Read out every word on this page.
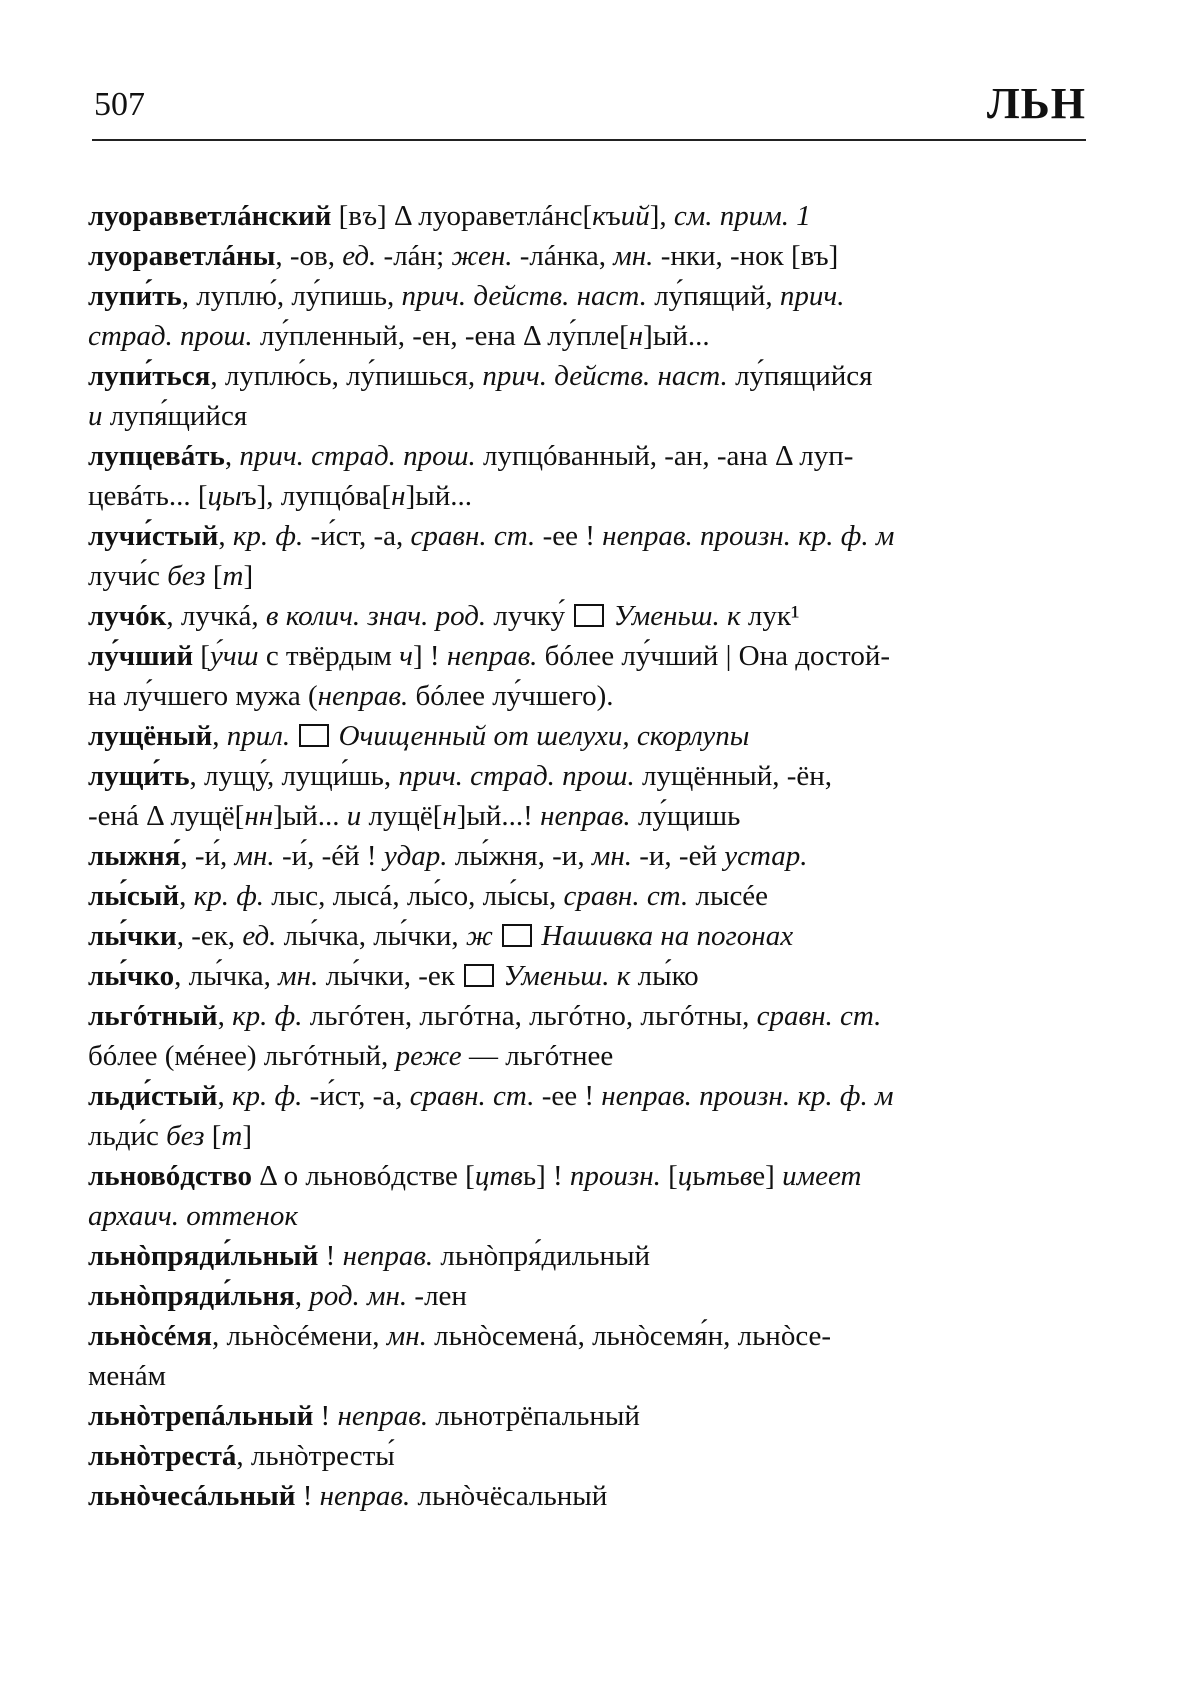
507	ЛЬН
луоравветлáнский [въ] Δ луораветлáнс[къий], см. прим. 1
луораветлáны, -ов, ед. -лáн; жен. -лáнка, мн. -нки, -нок [въ]
лупи́ть, луплю́, лу́пишь, прич. действ. наст. лу́пящий, прич.
страд. прош. лу́пленный, -ен, -ена Δ лу́пле[н]ый...
лупи́ться, луплю́сь, лу́пишься, прич. действ. наст. лу́пящийся
и лупя́щийся
лупцевáть, прич. страд. прош. лупцóванный, -ан, -ана Δ луп-
цевáть... [цыъ], лупцóва[н]ый...
лучи́стый, кр. ф. -и́ст, -а, сравн. ст. -ее ! неправ. произн. кр. ф. м
лучи́с без [т]
лучóк, лучкá, в колич. знач. род. лучку́  Уменьш. к лук¹
лу́чший [у́чш с твёрдым ч] ! неправ. бóлее лу́чший | Она достой-
на лу́чшего мужа (неправ. бóлее лу́чшего).
лущёный, прил.  Очищенный от шелухи, скорлупы
лущи́ть, лущу́, лущи́шь, прич. страд. прош. лущённый, -ён,
-енá Δ лущё[нн]ый... и лущё[н]ый...! неправ. лу́щишь
лыжня́, -и́, мн. -и́, -éй ! удар. лы́жня, -и, мн. -и, -ей устар.
лы́сый, кр. ф. лыс, лысá, лы́со, лы́сы, сравн. ст. лысéе
лы́чки, -ек, ед. лы́чка, лы́чки, ж  Нашивка на погонах
лы́чко, лы́чка, мн. лы́чки, -ек  Уменьш. к лы́ко
льгóтный, кр. ф. льгóтен, льгóтна, льгóтно, льгóтны, сравн. ст.
бóлее (мéнее) льгóтный, реже — льгóтнее
льди́стый, кр. ф. -и́ст, -а, сравн. ст. -ее ! неправ. произн. кр. ф. м
льди́с без [т]
льновóдство Δ о льновóдстве [цтвь] ! произн. [цьтьве] имеет
архаич. оттенок
льнòпряди́льный ! неправ. льнòпря́дильный
льнòпряди́льня, род. мн. -лен
льнòсéмя, льнòсéмени, мн. льнòсеменá, льнòсемя́н, льнòсе-
менáм
льнòтрепáльный ! неправ. льнотрёпальный
льнòтрестá, льнòтресты́
льнòчесáльный ! неправ. льнòчёсальный
